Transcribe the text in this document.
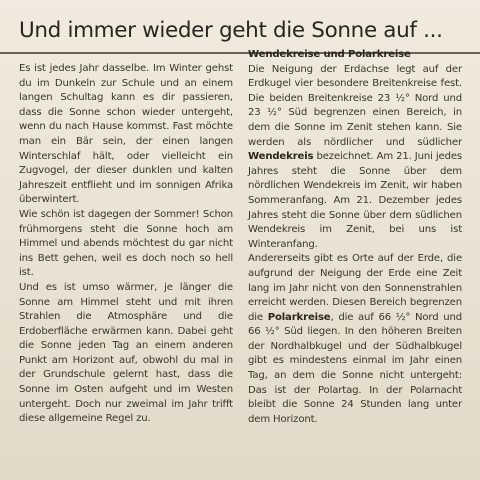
Und immer wieder geht die Sonne auf ...

Es ist jedes Jahr dasselbe. Im Winter gehst du im Dunkeln zur Schule und an einem langen Schultag kann es dir passieren, dass die Sonne schon wieder untergeht, wenn du nach Hause kommst. Fast möchte man ein Bär sein, der einen langen Winterschlaf hält, oder vielleicht ein Zugvogel, der dieser dunklen und kalten Jahreszeit entflieht und im sonnigen Afrika überwintert.

Wie schön ist dagegen der Sommer! Schon frühmorgens steht die Sonne hoch am Himmel und abends möchtest du gar nicht ins Bett gehen, weil es doch noch so hell ist.

Und es ist umso wärmer, je länger die Sonne am Himmel steht und mit ihren Strahlen die Atmosphäre und die Erdoberfläche erwärmen kann. Dabei geht die Sonne jeden Tag an einem anderen Punkt am Horizont auf, obwohl du mal in der Grundschule gelernt hast, dass die Sonne im Osten aufgeht und im Westen untergeht. Doch nur zweimal im Jahr trifft diese allgemeine Regel zu.

Wendekreise und Polarkreise

Die Neigung der Erdachse legt auf der Erdkugel vier besondere Breitenkreise fest. Die beiden Breitenkreise 23 ½° Nord und 23 ½° Süd begrenzen einen Bereich, in dem die Sonne im Zenit stehen kann. Sie werden als nördlicher und südlicher Wendekreis bezeichnet. Am 21. Juni jedes Jahres steht die Sonne über dem nördlichen Wendekreis im Zenit, wir haben Sommeranfang. Am 21. Dezember jedes Jahres steht die Sonne über dem südlichen Wendekreis im Zenit, bei uns ist Winteranfang.

Andererseits gibt es Orte auf der Erde, die aufgrund der Neigung der Erde eine Zeit lang im Jahr nicht von den Sonnenstrahlen erreicht werden. Diesen Bereich begrenzen die Polarkreise, die auf 66 ½° Nord und 66 ½° Süd liegen. In den höheren Breiten der Nordhalbkugel und der Südhalbkugel gibt es mindestens einmal im Jahr einen Tag, an dem die Sonne nicht untergeht: Das ist der Polartag. In der Polarnacht bleibt die Sonne 24 Stunden lang unter dem Horizont.
